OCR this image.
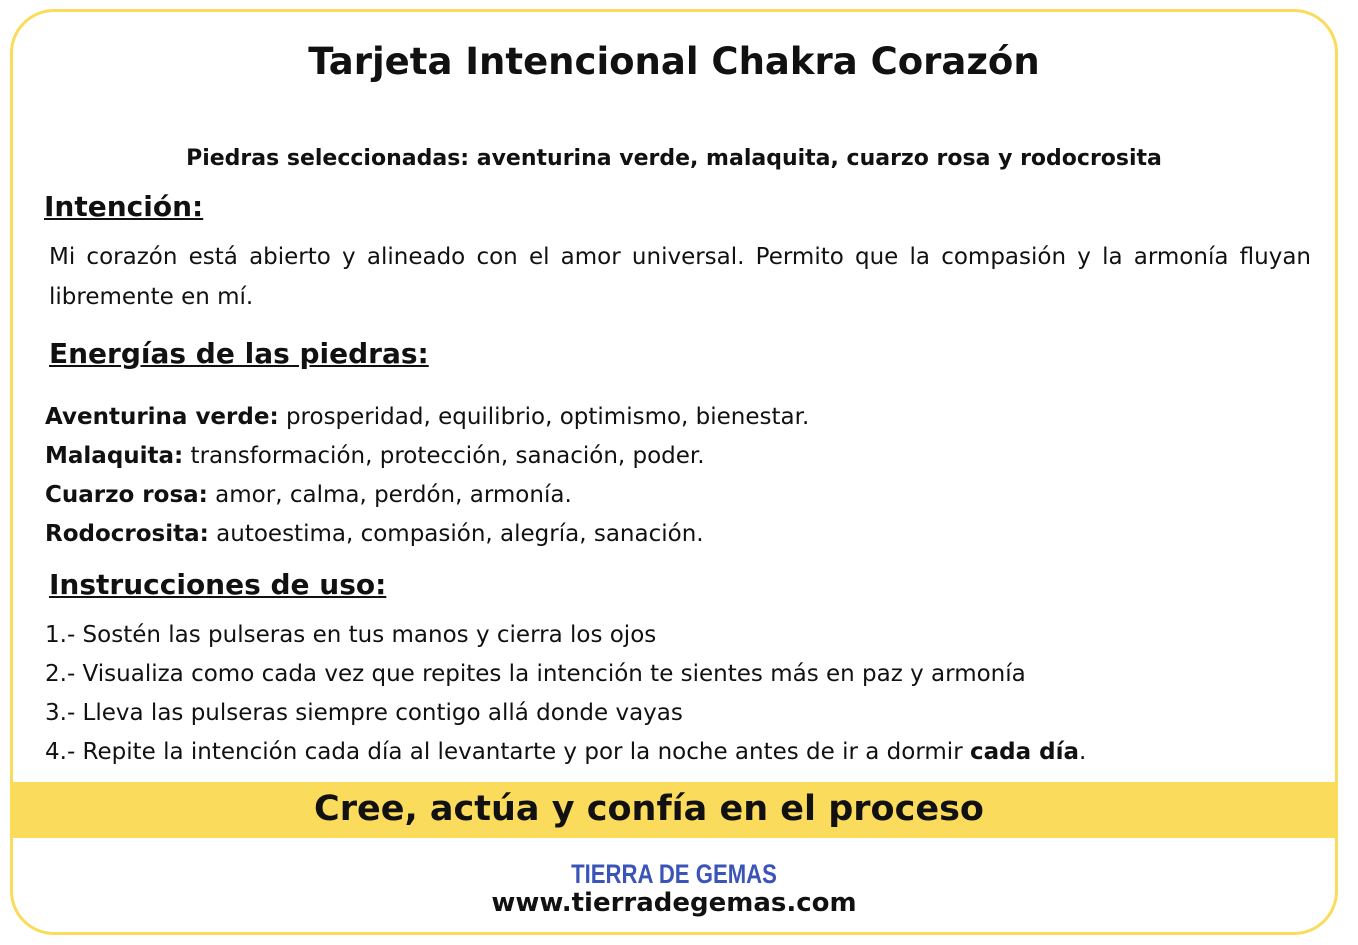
Tarjeta Intencional Chakra Corazón
Piedras seleccionadas: aventurina verde, malaquita, cuarzo rosa y rodocrosita
Intención:
Mi corazón está abierto y alineado con el amor universal. Permito que la compasión y la armonía fluyan libremente en mí.
Energías de las piedras:
Aventurina verde: prosperidad, equilibrio, optimismo, bienestar.
Malaquita: transformación, protección, sanación, poder.
Cuarzo rosa: amor, calma, perdón, armonía.
Rodocrosita: autoestima, compasión, alegría, sanación.
Instrucciones de uso:
1.- Sostén las pulseras en tus manos y cierra los ojos
2.- Visualiza como cada vez que repites la intención te sientes más en paz y armonía
3.- Lleva las pulseras siempre contigo allá donde vayas
4.- Repite la intención cada día al levantarte y por la noche antes de ir a dormir cada día.
Cree, actúa y confía en el proceso
TIERRA DE GEMAS
www.tierradegemas.com
